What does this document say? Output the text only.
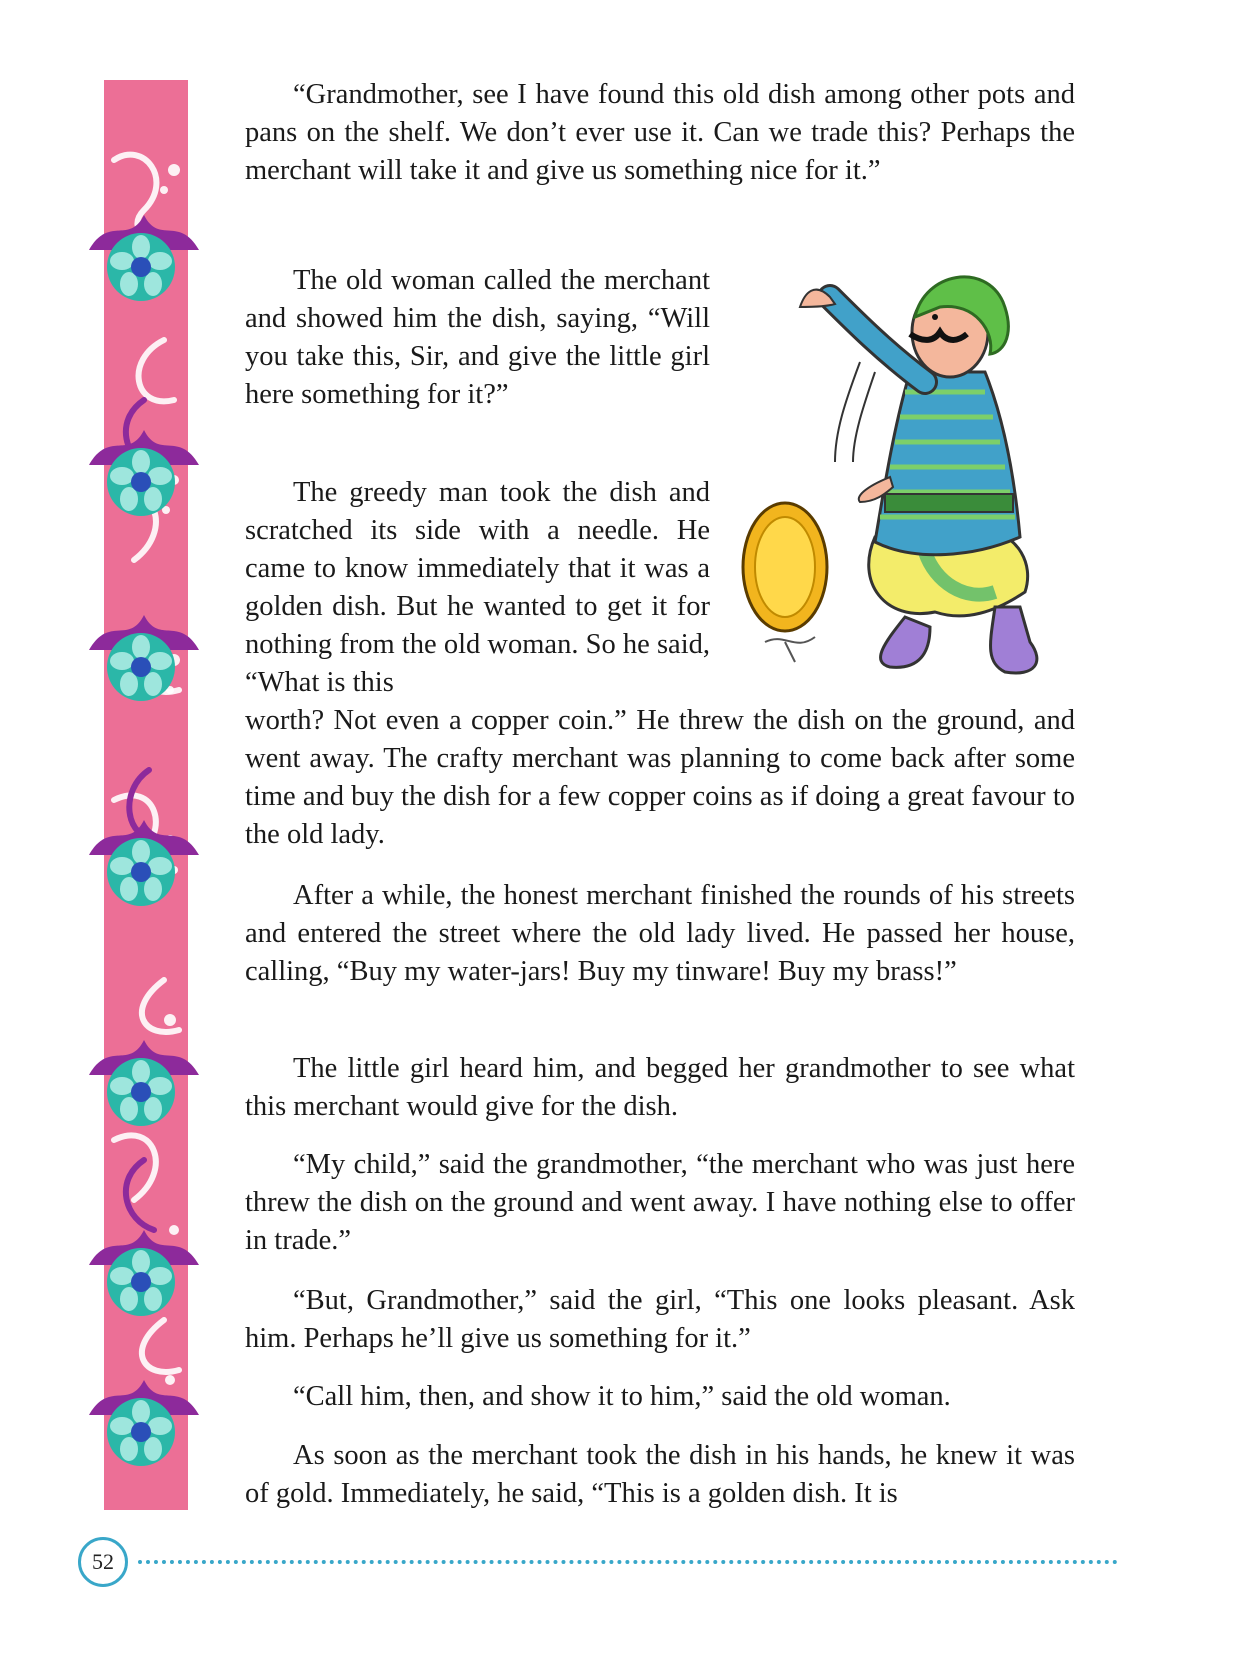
“Grandmother, see I have found this old dish among other pots and pans on the shelf. We don’t ever use it. Can we trade this? Perhaps the merchant will take it and give us something nice for it.”

The old woman called the merchant and showed him the dish, saying, “Will you take this, Sir, and give the little girl here something for it?”

The greedy man took the dish and scratched its side with a needle. He came to know immediately that it was a golden dish. But he wanted to get it for nothing from the old woman. So he said, “What is this

worth? Not even a copper coin.” He threw the dish on the ground, and went away. The crafty merchant was planning to come back after some time and buy the dish for a few copper coins as if doing a great favour to the old lady.

After a while, the honest merchant finished the rounds of his streets and entered the street where the old lady lived. He passed her house, calling, “Buy my water-jars! Buy my tinware! Buy my brass!”

The little girl heard him, and begged her grandmother to see what this merchant would give for the dish.

“My child,” said the grandmother, “the merchant who was just here threw the dish on the ground and went away. I have nothing else to offer in trade.”

“But, Grandmother,” said the girl, “This one looks pleasant. Ask him. Perhaps he’ll give us something for it.”

“Call him, then, and show it to him,” said the old woman.

As soon as the merchant took the dish in his hands, he knew it was of gold. Immediately, he said, “This is a golden dish. It is

52
